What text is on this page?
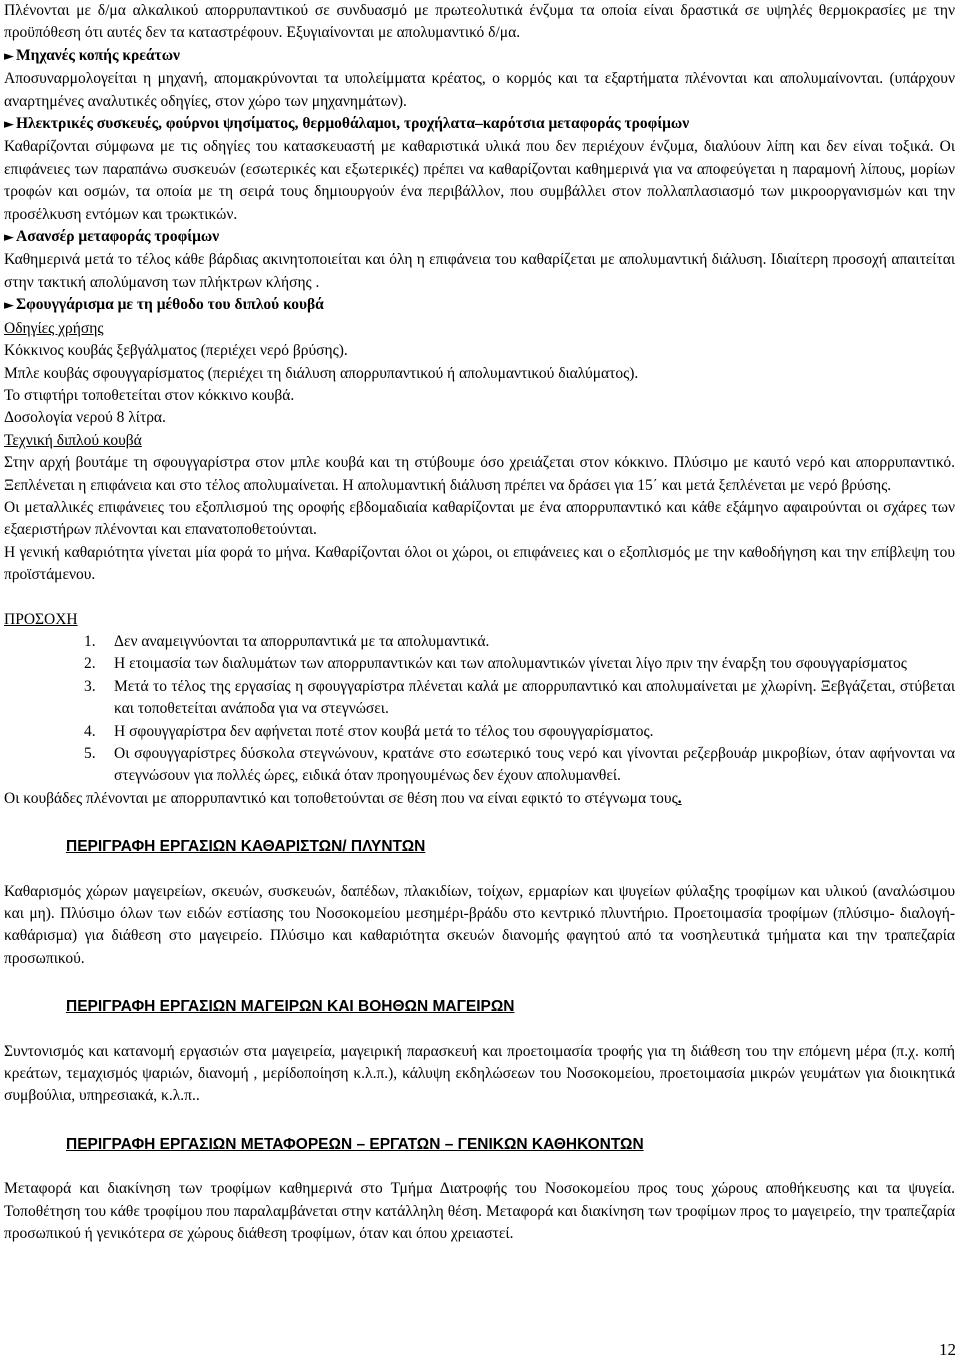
Πλένονται με δ/μα αλκαλικού απορρυπαντικού σε συνδυασμό με πρωτεολυτικά ένζυμα τα οποία είναι δραστικά σε υψηλές θερμοκρασίες με την προϋπόθεση ότι αυτές δεν τα καταστρέφουν. Εξυγιαίνονται με απολυμαντικό δ/μα.

► Μηχανές κοπής κρεάτων

Αποσυναρμολογείται η μηχανή, απομακρύνονται τα υπολείμματα κρέατος, ο κορμός και τα εξαρτήματα πλένονται και απολυμαίνονται. (υπάρχουν αναρτημένες αναλυτικές οδηγίες, στον χώρο των μηχανημάτων).

► Ηλεκτρικές συσκευές, φούρνοι ψησίματος, θερμοθάλαμοι, τροχήλατα–καρότσια μεταφοράς τροφίμων

Καθαρίζονται σύμφωνα με τις οδηγίες του κατασκευαστή με καθαριστικά υλικά που δεν περιέχουν ένζυμα, διαλύουν λίπη και δεν είναι τοξικά. Οι επιφάνειες των παραπάνω συσκευών (εσωτερικές και εξωτερικές) πρέπει να καθαρίζονται καθημερινά για να αποφεύγεται η παραμονή λίπους, μορίων τροφών και οσμών, τα οποία με τη σειρά τους δημιουργούν ένα περιβάλλον, που συμβάλλει στον πολλαπλασιασμό των μικροοργανισμών και την προσέλκυση εντόμων και τρωκτικών.

► Ασανσέρ μεταφοράς τροφίμων

Καθημερινά μετά το τέλος κάθε βάρδιας ακινητοποιείται και όλη η επιφάνεια του καθαρίζεται με απολυμαντική διάλυση. Ιδιαίτερη προσοχή απαιτείται στην τακτική απολύμανση των πλήκτρων κλήσης .

► Σφουγγάρισμα με τη μέθοδο του διπλού κουβά

Οδηγίες χρήσης

Κόκκινος κουβάς ξεβγάλματος (περιέχει νερό βρύσης).

Μπλε κουβάς σφουγγαρίσματος (περιέχει τη διάλυση απορρυπαντικού ή απολυμαντικού διαλύματος).

Το στιφτήρι τοποθετείται στον κόκκινο κουβά.

Δοσολογία νερού 8 λίτρα.

Τεχνική διπλού κουβά

Στην αρχή βουτάμε τη σφουγγαρίστρα στον μπλε κουβά και τη στύβουμε όσο χρειάζεται στον κόκκινο. Πλύσιμο με καυτό νερό και απορρυπαντικό. Ξεπλένεται η επιφάνεια και στο τέλος απολυμαίνεται. Η απολυμαντική διάλυση πρέπει να δράσει για 15΄ και μετά ξεπλένεται με νερό βρύσης.

Οι μεταλλικές επιφάνειες του εξοπλισμού της οροφής εβδομαδιαία καθαρίζονται με ένα απορρυπαντικό και κάθε εξάμηνο αφαιρούνται οι σχάρες των εξαεριστήρων πλένονται και επανατοποθετούνται.

Η γενική καθαριότητα γίνεται μία φορά το μήνα. Καθαρίζονται όλοι οι χώροι, οι επιφάνειες και ο εξοπλισμός με την καθοδήγηση και την επίβλεψη του προϊστάμενου.

ΠΡΟΣΟΧΗ

1. Δεν αναμειγνύονται τα απορρυπαντικά με τα απολυμαντικά.
2. Η ετοιμασία των διαλυμάτων των απορρυπαντικών και των απολυμαντικών γίνεται λίγο πριν την έναρξη του σφουγγαρίσματος
3. Μετά το τέλος της εργασίας η σφουγγαρίστρα πλένεται καλά με απορρυπαντικό και απολυμαίνεται με χλωρίνη. Ξεβγάζεται, στύβεται και τοποθετείται ανάποδα για να στεγνώσει.
4. Η σφουγγαρίστρα δεν αφήνεται ποτέ στον κουβά μετά το τέλος του σφουγγαρίσματος.
5. Οι σφουγγαρίστρες δύσκολα στεγνώνουν, κρατάνε στο εσωτερικό τους νερό και γίνονται ρεζερβουάρ μικροβίων, όταν αφήνονται να στεγνώσουν για πολλές ώρες, ειδικά όταν προηγουμένως δεν έχουν απολυμανθεί.

Οι κουβάδες πλένονται με απορρυπαντικό και τοποθετούνται σε θέση που να είναι εφικτό το στέγνωμα τους.

ΠΕΡΙΓΡΑΦΗ ΕΡΓΑΣΙΩΝ ΚΑΘΑΡΙΣΤΩΝ/ ΠΛΥΝΤΩΝ

Καθαρισμός χώρων μαγειρείων, σκευών, συσκευών, δαπέδων, πλακιδίων, τοίχων, ερμαρίων και ψυγείων φύλαξης τροφίμων και υλικού (αναλώσιμου και μη). Πλύσιμο όλων των ειδών εστίασης του Νοσοκομείου μεσημέρι-βράδυ στο κεντρικό πλυντήριο. Προετοιμασία τροφίμων (πλύσιμο- διαλογή- καθάρισμα) για διάθεση στο μαγειρείο. Πλύσιμο και καθαριότητα σκευών διανομής φαγητού από τα νοσηλευτικά τμήματα και την τραπεζαρία προσωπικού.

ΠΕΡΙΓΡΑΦΗ ΕΡΓΑΣΙΩΝ ΜΑΓΕΙΡΩΝ ΚΑΙ ΒΟΗΘΩΝ ΜΑΓΕΙΡΩΝ

Συντονισμός και κατανομή εργασιών στα μαγειρεία, μαγειρική παρασκευή και προετοιμασία τροφής για τη διάθεση του την επόμενη μέρα (π.χ. κοπή κρεάτων, τεμαχισμός ψαριών, διανομή , μερίδοποίηση κ.λ.π.), κάλυψη εκδηλώσεων του Νοσοκομείου, προετοιμασία μικρών γευμάτων για διοικητικά συμβούλια, υπηρεσιακά, κ.λ.π..

ΠΕΡΙΓΡΑΦΗ ΕΡΓΑΣΙΩΝ ΜΕΤΑΦΟΡΕΩΝ – ΕΡΓΑΤΩΝ – ΓΕΝΙΚΩΝ ΚΑΘΗΚΟΝΤΩΝ

Μεταφορά και διακίνηση των τροφίμων καθημερινά στο Τμήμα Διατροφής του Νοσοκομείου προς τους χώρους αποθήκευσης και τα ψυγεία. Τοποθέτηση του κάθε τροφίμου που παραλαμβάνεται στην κατάλληλη θέση. Μεταφορά και διακίνηση των τροφίμων προς το μαγειρείο, την τραπεζαρία προσωπικού ή γενικότερα σε χώρους διάθεση τροφίμων, όταν και όπου χρειαστεί.

12
